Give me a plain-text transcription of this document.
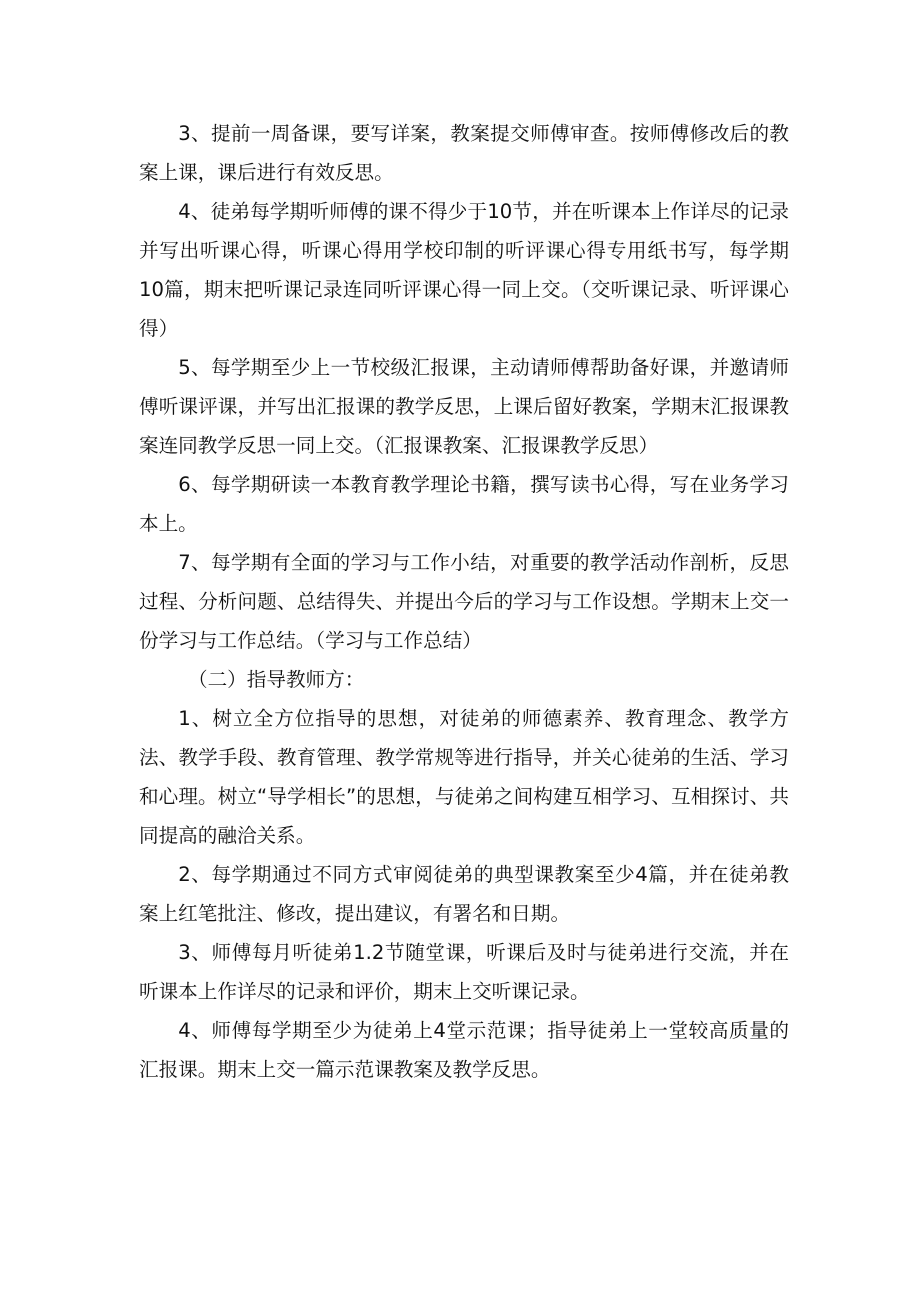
3、提前一周备课，要写详案，教案提交师傅审查。按师傅修改后的教案上课，课后进行有效反思。

4、徒弟每学期听师傅的课不得少于10节，并在听课本上作详尽的记录并写出听课心得，听课心得用学校印制的听评课心得专用纸书写，每学期10篇，期末把听课记录连同听评课心得一同上交。（交听课记录、听评课心得）

5、每学期至少上一节校级汇报课，主动请师傅帮助备好课，并邀请师傅听课评课，并写出汇报课的教学反思，上课后留好教案，学期末汇报课教案连同教学反思一同上交。（汇报课教案、汇报课教学反思）

6、每学期研读一本教育教学理论书籍，撰写读书心得，写在业务学习本上。

7、每学期有全面的学习与工作小结，对重要的教学活动作剖析，反思过程、分析问题、总结得失、并提出今后的学习与工作设想。学期末上交一份学习与工作总结。（学习与工作总结）

（二）指导教师方：

1、树立全方位指导的思想，对徒弟的师德素养、教育理念、教学方法、教学手段、教育管理、教学常规等进行指导，并关心徒弟的生活、学习和心理。树立“导学相长”的思想，与徒弟之间构建互相学习、互相探讨、共同提高的融洽关系。

2、每学期通过不同方式审阅徒弟的典型课教案至少4篇，并在徒弟教案上红笔批注、修改，提出建议，有署名和日期。

3、师傅每月听徒弟1.2节随堂课，听课后及时与徒弟进行交流，并在听课本上作详尽的记录和评价，期末上交听课记录。

4、师傅每学期至少为徒弟上4堂示范课；指导徒弟上一堂较高质量的汇报课。期末上交一篇示范课教案及教学反思。
